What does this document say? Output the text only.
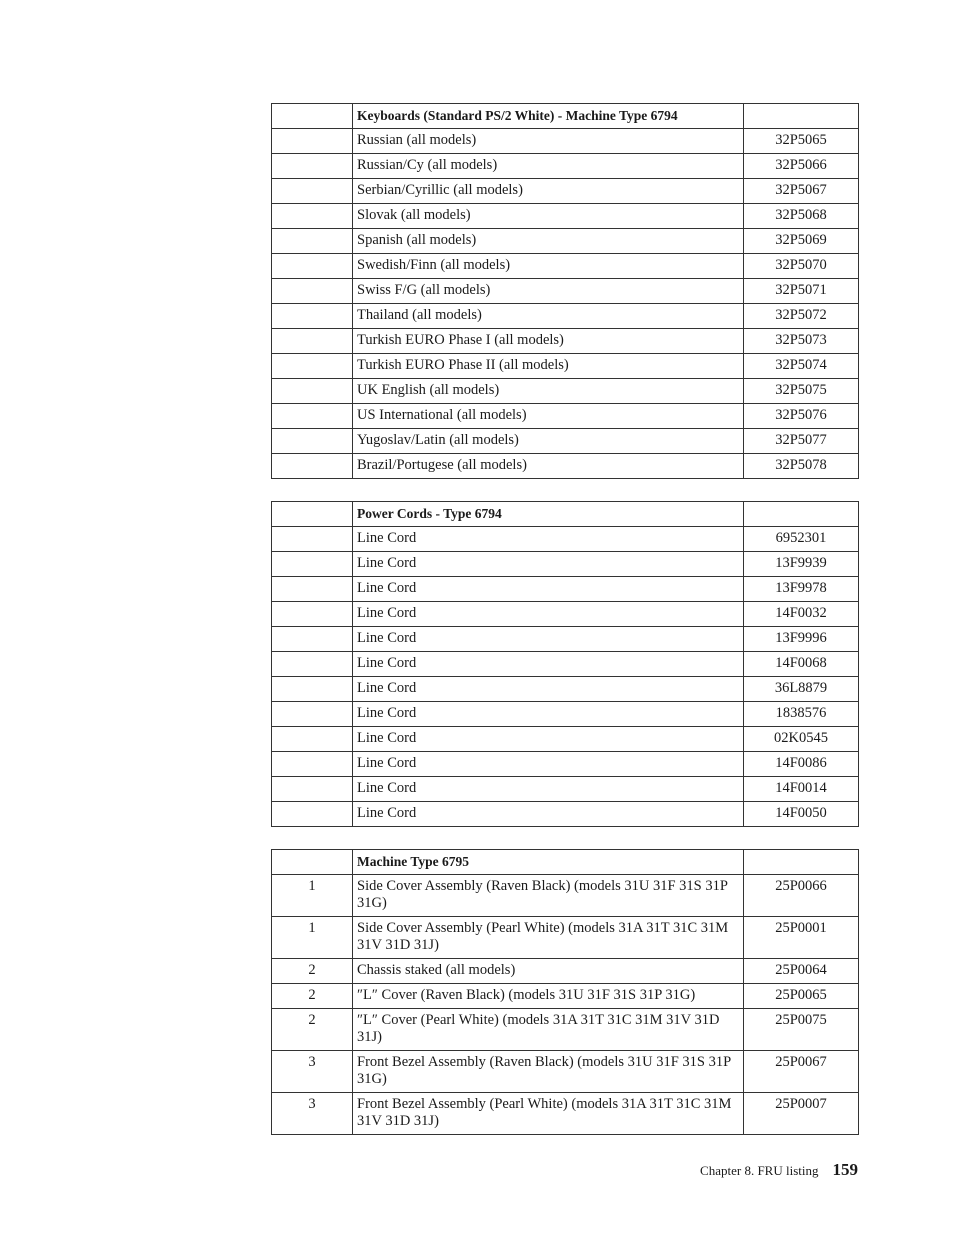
	Keyboards (Standard PS/2 White) - Machine Type 6794	
	Russian (all models)	32P5065
	Russian/Cy (all models)	32P5066
	Serbian/Cyrillic (all models)	32P5067
	Slovak (all models)	32P5068
	Spanish (all models)	32P5069
	Swedish/Finn (all models)	32P5070
	Swiss F/G (all models)	32P5071
	Thailand (all models)	32P5072
	Turkish EURO Phase I (all models)	32P5073
	Turkish EURO Phase II (all models)	32P5074
	UK English (all models)	32P5075
	US International (all models)	32P5076
	Yugoslav/Latin (all models)	32P5077
	Brazil/Portugese (all models)	32P5078
	Power Cords - Type 6794	
	Line Cord	6952301
	Line Cord	13F9939
	Line Cord	13F9978
	Line Cord	14F0032
	Line Cord	13F9996
	Line Cord	14F0068
	Line Cord	36L8879
	Line Cord	1838576
	Line Cord	02K0545
	Line Cord	14F0086
	Line Cord	14F0014
	Line Cord	14F0050
	Machine Type 6795	
1	Side Cover Assembly (Raven Black) (models 31U 31F 31S 31P 31G)	25P0066
1	Side Cover Assembly (Pearl White) (models 31A 31T 31C 31M 31V 31D 31J)	25P0001
2	Chassis staked (all models)	25P0064
2	″L″ Cover (Raven Black) (models 31U 31F 31S 31P 31G)	25P0065
2	″L″ Cover (Pearl White) (models 31A 31T 31C 31M 31V 31D 31J)	25P0075
3	Front Bezel Assembly (Raven Black) (models 31U 31F 31S 31P 31G)	25P0067
3	Front Bezel Assembly (Pearl White) (models 31A 31T 31C 31M 31V 31D 31J)	25P0007
Chapter 8. FRU listing 159
